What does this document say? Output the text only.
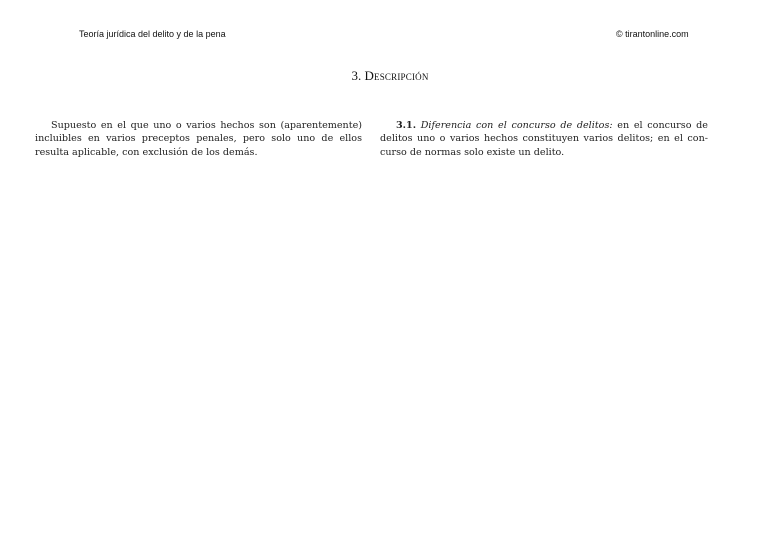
Teoría jurídica del delito y de la pena	© tirantonline.com
3. Descripción
Supuesto en el que uno o varios hechos son (aparentemente)
incluibles en varios preceptos penales, pero solo uno de ellos
resulta aplicable, con exclusión de los demás.
3.1. Diferencia con el concurso de delitos: en el concurso de
delitos uno o varios hechos constituyen varios delitos; en el con-
curso de normas solo existe un delito.
